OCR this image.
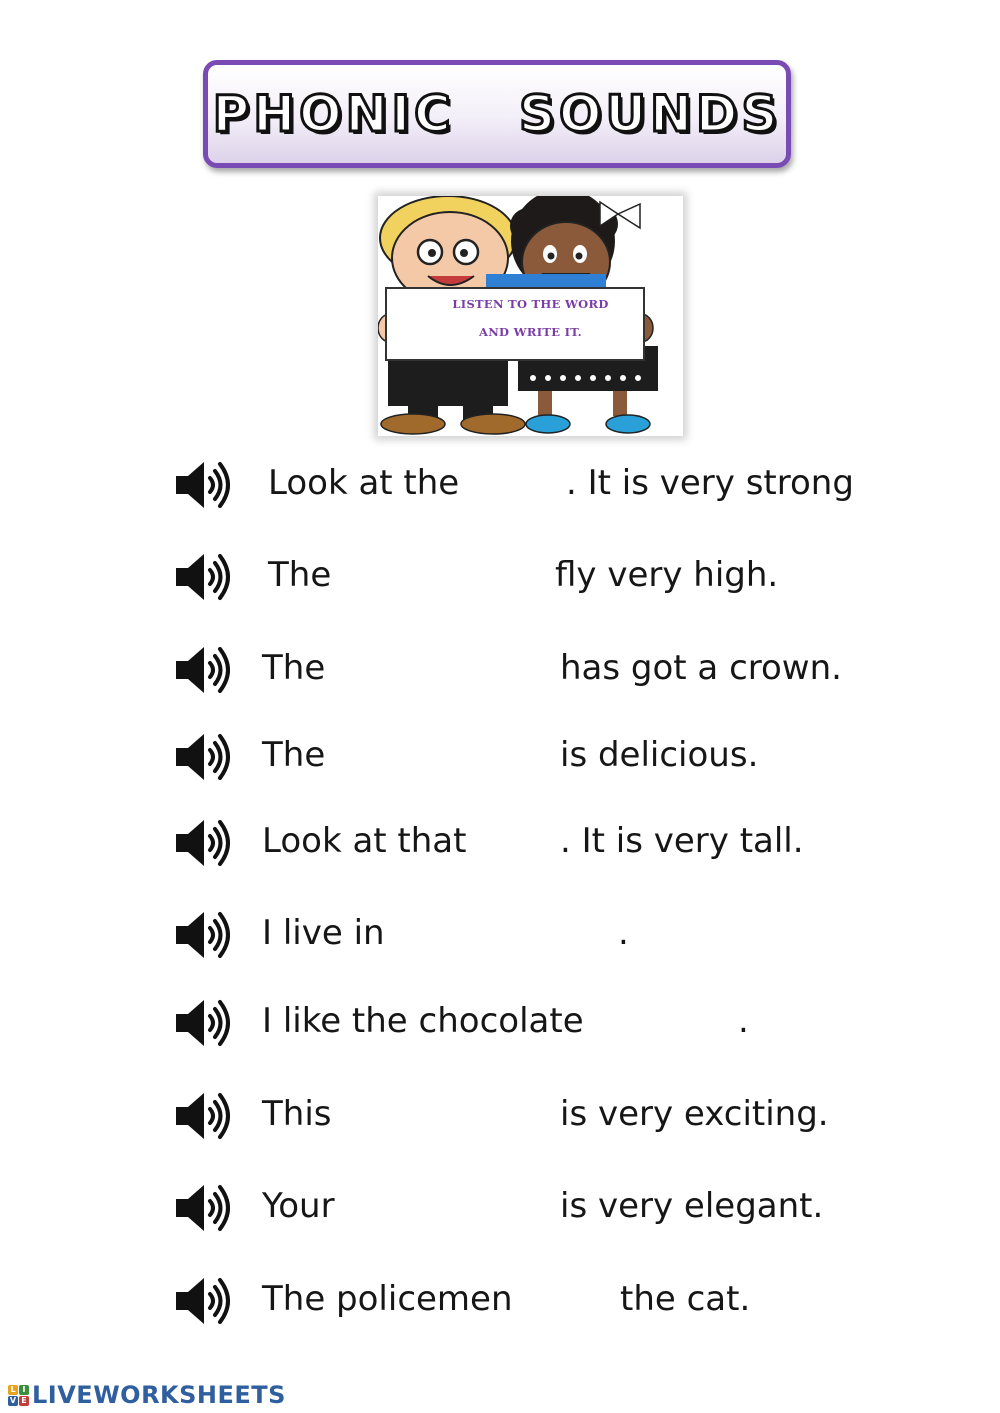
PHONIC   SOUNDS
LISTEN TO THE WORD
AND WRITE IT.
Look at the	. It is very strong
The	fly very high.
The	has got a crown.
The	is delicious.
Look at that	. It is very tall.
I live in	.
I like the chocolate	.
This	is very exciting.
Your	is very elegant.
The policemen	the cat.
L I
V E LIVEWORKSHEETS
